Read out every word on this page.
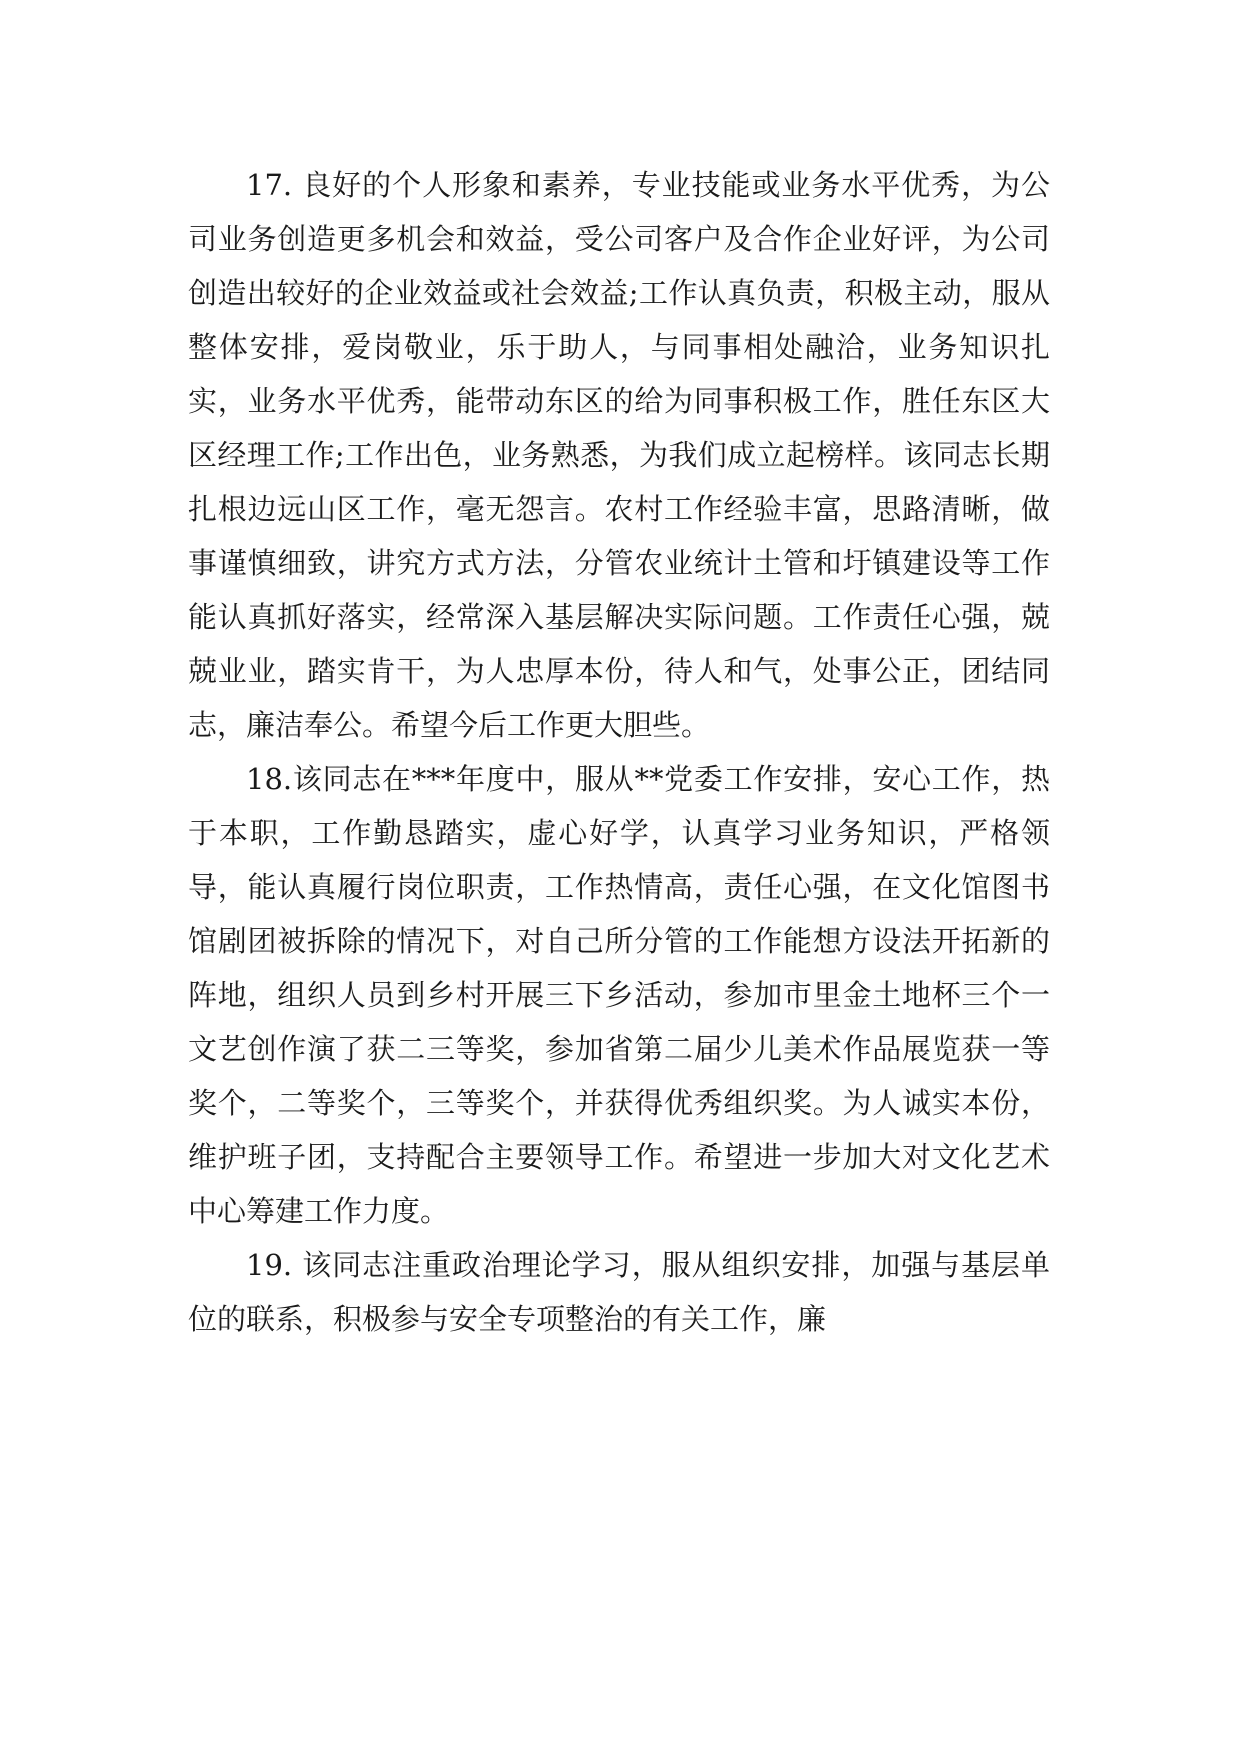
17. 良好的个人形象和素养，专业技能或业务水平优秀，为公司业务创造更多机会和效益，受公司客户及合作企业好评，为公司创造出较好的企业效益或社会效益;工作认真负责，积极主动，服从整体安排，爱岗敬业，乐于助人，与同事相处融洽，业务知识扎实，业务水平优秀，能带动东区的给为同事积极工作，胜任东区大区经理工作;工作出色，业务熟悉，为我们成立起榜样。该同志长期扎根边远山区工作，毫无怨言。农村工作经验丰富，思路清晰，做事谨慎细致，讲究方式方法，分管农业统计土管和圩镇建设等工作能认真抓好落实，经常深入基层解决实际问题。工作责任心强，兢兢业业，踏实肯干，为人忠厚本份，待人和气，处事公正，团结同志，廉洁奉公。希望今后工作更大胆些。

18.该同志在***年度中，服从**党委工作安排，安心工作，热于本职，工作勤恳踏实，虚心好学，认真学习业务知识，严格领导，能认真履行岗位职责，工作热情高，责任心强，在文化馆图书馆剧团被拆除的情况下，对自己所分管的工作能想方设法开拓新的阵地，组织人员到乡村开展三下乡活动，参加市里金土地杯三个一文艺创作演了获二三等奖，参加省第二届少儿美术作品展览获一等奖个，二等奖个，三等奖个，并获得优秀组织奖。为人诚实本份，维护班子团，支持配合主要领导工作。希望进一步加大对文化艺术中心筹建工作力度。

19. 该同志注重政治理论学习，服从组织安排，加强与基层单位的联系，积极参与安全专项整治的有关工作，廉
